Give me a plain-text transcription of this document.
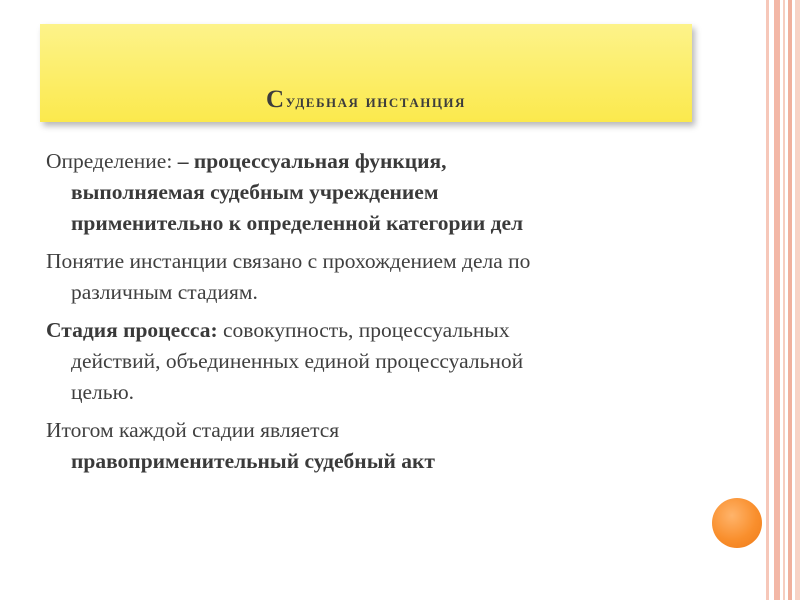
Судебная инстанция
Определение: – процессуальная функция,
выполняемая судебным учреждением
применительно к определенной категории дел
Понятие инстанции связано с прохождением дела по
различным стадиям.
Стадия процесса: совокупность, процессуальных
действий, объединенных единой процессуальной
целью.
Итогом каждой стадии является
правоприменительный судебный акт
